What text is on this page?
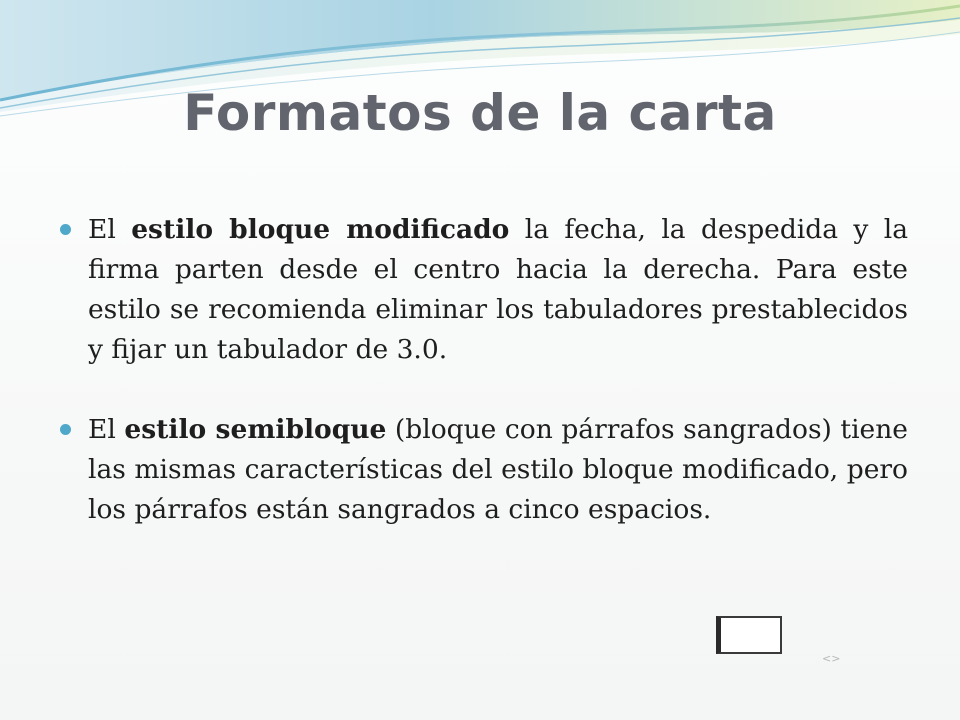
Formatos de la carta
El estilo bloque modificado la fecha, la despedida y la firma parten desde el centro hacia la derecha. Para este estilo se recomienda eliminar los tabuladores prestablecidos y fijar un tabulador de 3.0.
El estilo semibloque (bloque con párrafos sangrados) tiene las mismas características del estilo bloque modificado, pero los párrafos están sangrados a cinco espacios.
<>
